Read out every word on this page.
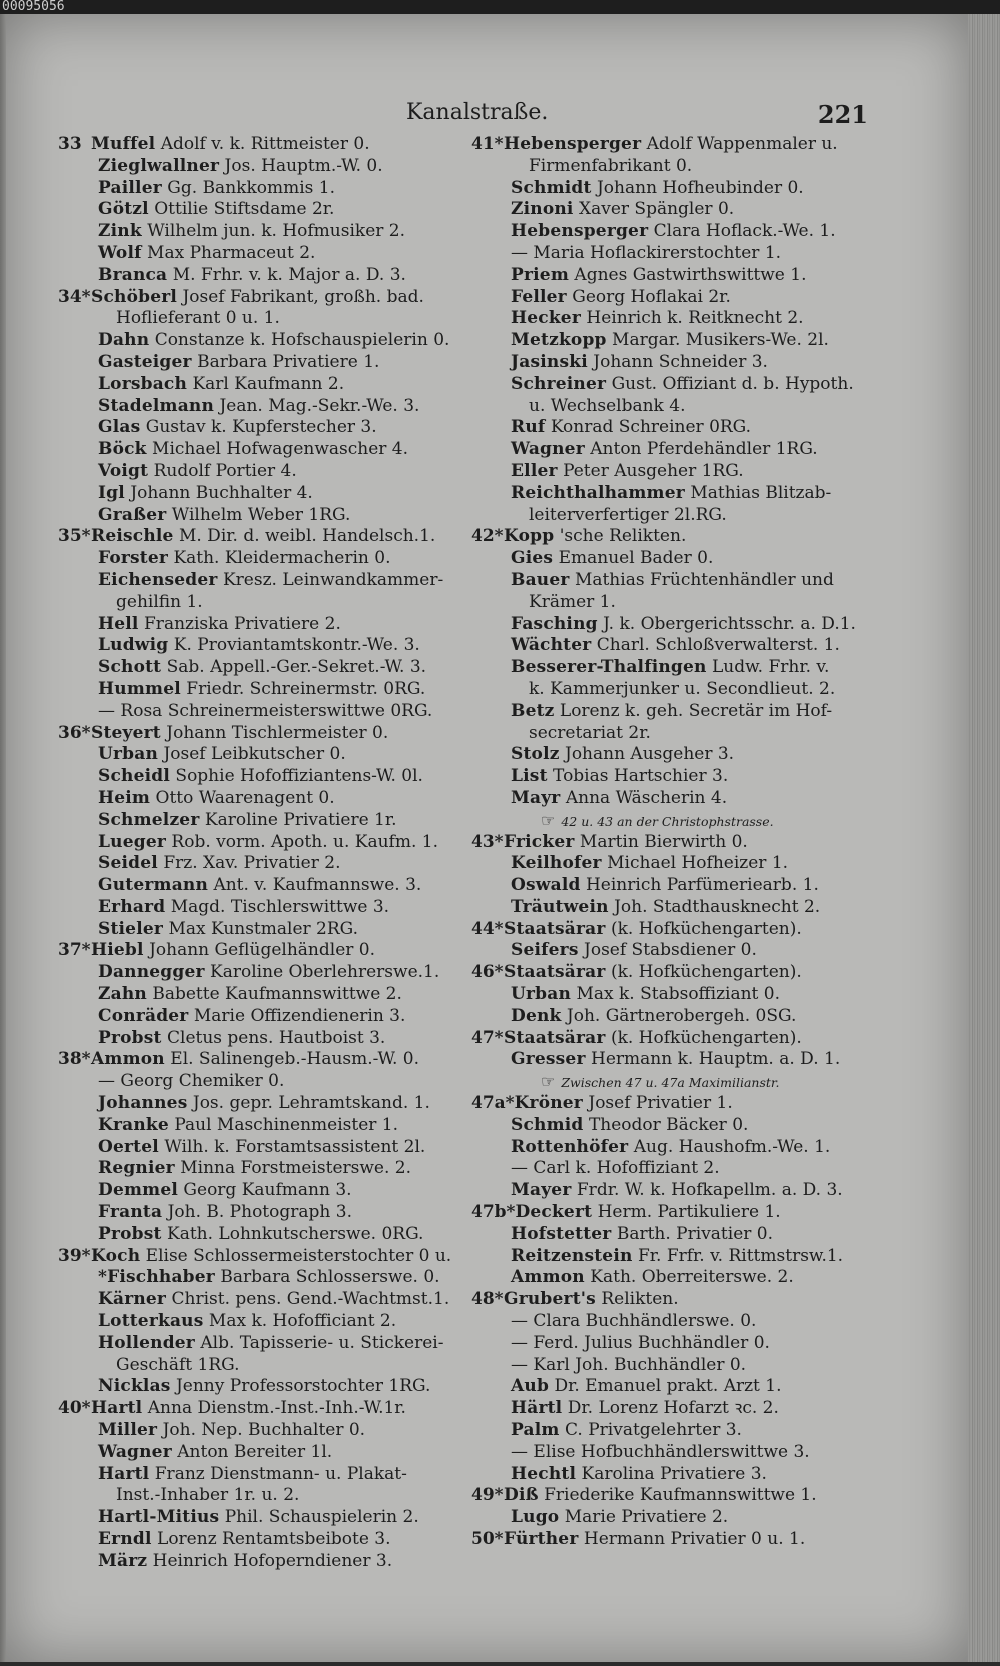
00095056
Kanalstraße.	221
33 Muffel Adolf v. k. Rittmeister 0.
Zieglwallner Jos. Hauptm.-W. 0.
Pailler Gg. Bankkommis 1.
Götzl Ottilie Stiftsdame 2r.
Zink Wilhelm jun. k. Hofmusiker 2.
Wolf Max Pharmaceut 2.
Branca M. Frhr. v. k. Major a. D. 3.
34*Schöberl Josef Fabrikant, großh. bad.
Hoflieferant 0 u. 1.
Dahn Constanze k. Hofschauspielerin 0.
Gasteiger Barbara Privatiere 1.
Lorsbach Karl Kaufmann 2.
Stadelmann Jean. Mag.-Sekr.-We. 3.
Glas Gustav k. Kupferstecher 3.
Böck Michael Hofwagenwascher 4.
Voigt Rudolf Portier 4.
Igl Johann Buchhalter 4.
Graßer Wilhelm Weber 1RG.
35*Reischle M. Dir. d. weibl. Handelsch.1.
Forster Kath. Kleidermacherin 0.
Eichenseder Kresz. Leinwandkammer-
gehilfin 1.
Hell Franziska Privatiere 2.
Ludwig K. Proviantamtskontr.-We. 3.
Schott Sab. Appell.-Ger.-Sekret.-W. 3.
Hummel Friedr. Schreinermstr. 0RG.
— Rosa Schreinermeisterswittwe 0RG.
36*Steyert Johann Tischlermeister 0.
Urban Josef Leibkutscher 0.
Scheidl Sophie Hofoffiziantens-W. 0l.
Heim Otto Waarenagent 0.
Schmelzer Karoline Privatiere 1r.
Lueger Rob. vorm. Apoth. u. Kaufm. 1.
Seidel Frz. Xav. Privatier 2.
Gutermann Ant. v. Kaufmannswe. 3.
Erhard Magd. Tischlerswittwe 3.
Stieler Max Kunstmaler 2RG.
37*Hiebl Johann Geflügelhändler 0.
Dannegger Karoline Oberlehrerswe.1.
Zahn Babette Kaufmannswittwe 2.
Conräder Marie Offizendienerin 3.
Probst Cletus pens. Hautboist 3.
38*Ammon El. Salinengeb.-Hausm.-W. 0.
— Georg Chemiker 0.
Johannes Jos. gepr. Lehramtskand. 1.
Kranke Paul Maschinenmeister 1.
Oertel Wilh. k. Forstamtsassistent 2l.
Regnier Minna Forstmeisterswe. 2.
Demmel Georg Kaufmann 3.
Franta Joh. B. Photograph 3.
Probst Kath. Lohnkutscherswe. 0RG.
39*Koch Elise Schlossermeisterstochter 0 u.
*Fischhaber Barbara Schlosserswe. 0.
Kärner Christ. pens. Gend.-Wachtmst.1.
Lotterkaus Max k. Hofofficiant 2.
Hollender Alb. Tapisserie- u. Stickerei-
Geschäft 1RG.
Nicklas Jenny Professorstochter 1RG.
40*Hartl Anna Dienstm.-Inst.-Inh.-W.1r.
Miller Joh. Nep. Buchhalter 0.
Wagner Anton Bereiter 1l.
Hartl Franz Dienstmann- u. Plakat-
Inst.-Inhaber 1r. u. 2.
Hartl-Mitius Phil. Schauspielerin 2.
Erndl Lorenz Rentamtsbeibote 3.
März Heinrich Hofoperndiener 3.
41*Hebensperger Adolf Wappenmaler u.
Firmenfabrikant 0.
Schmidt Johann Hofheubinder 0.
Zinoni Xaver Spängler 0.
Hebensperger Clara Hoflack.-We. 1.
— Maria Hoflackirerstochter 1.
Priem Agnes Gastwirthswittwe 1.
Feller Georg Hoflakai 2r.
Hecker Heinrich k. Reitknecht 2.
Metzkopp Margar. Musikers-We. 2l.
Jasinski Johann Schneider 3.
Schreiner Gust. Offiziant d. b. Hypoth.
u. Wechselbank 4.
Ruf Konrad Schreiner 0RG.
Wagner Anton Pferdehändler 1RG.
Eller Peter Ausgeher 1RG.
Reichthalhammer Mathias Blitzab-
leiterverfertiger 2l.RG.
42*Kopp 'sche Relikten.
Gies Emanuel Bader 0.
Bauer Mathias Früchtenhändler und
Krämer 1.
Fasching J. k. Obergerichtsschr. a. D.1.
Wächter Charl. Schloßverwalterst. 1.
Besserer-Thalfingen Ludw. Frhr. v.
k. Kammerjunker u. Secondlieut. 2.
Betz Lorenz k. geh. Secretär im Hof-
secretariat 2r.
Stolz Johann Ausgeher 3.
List Tobias Hartschier 3.
Mayr Anna Wäscherin 4.
☞ 42 u. 43 an der Christophstrasse.
43*Fricker Martin Bierwirth 0.
Keilhofer Michael Hofheizer 1.
Oswald Heinrich Parfümeriearb. 1.
Träutwein Joh. Stadthausknecht 2.
44*Staatsärar (k. Hofküchengarten).
Seifers Josef Stabsdiener 0.
46*Staatsärar (k. Hofküchengarten).
Urban Max k. Stabsoffiziant 0.
Denk Joh. Gärtnerobergeh. 0SG.
47*Staatsärar (k. Hofküchengarten).
Gresser Hermann k. Hauptm. a. D. 1.
☞ Zwischen 47 u. 47a Maximilianstr.
47a*Kröner Josef Privatier 1.
Schmid Theodor Bäcker 0.
Rottenhöfer Aug. Haushofm.-We. 1.
— Carl k. Hofoffiziant 2.
Mayer Frdr. W. k. Hofkapellm. a. D. 3.
47b*Deckert Herm. Partikuliere 1.
Hofstetter Barth. Privatier 0.
Reitzenstein Fr. Frfr. v. Rittmstrsw.1.
Ammon Kath. Oberreiterswe. 2.
48*Grubert's Relikten.
— Clara Buchhändlerswe. 0.
— Ferd. Julius Buchhändler 0.
— Karl Joh. Buchhändler 0.
Aub Dr. Emanuel prakt. Arzt 1.
Härtl Dr. Lorenz Hofarzt ꝛc. 2.
Palm C. Privatgelehrter 3.
— Elise Hofbuchhändlerswittwe 3.
Hechtl Karolina Privatiere 3.
49*Diß Friederike Kaufmannswittwe 1.
Lugo Marie Privatiere 2.
50*Fürther Hermann Privatier 0 u. 1.
